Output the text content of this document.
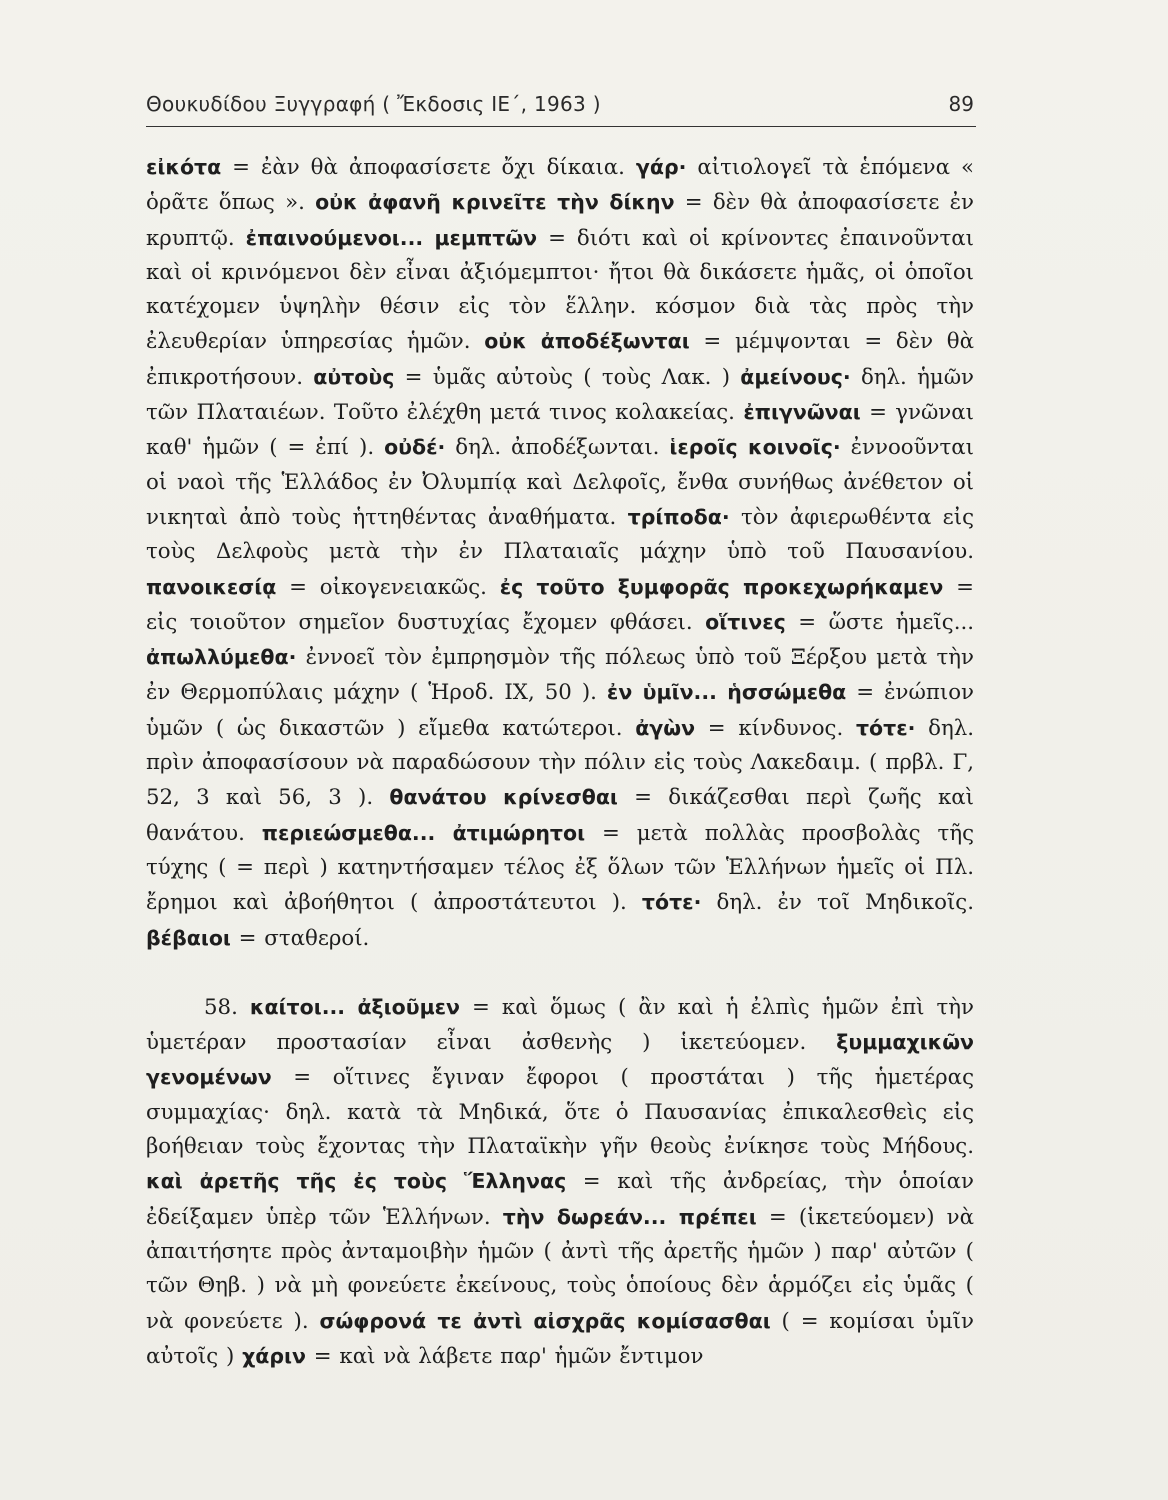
Θουκυδίδου Ξυγγραφή ( Ἔκδοσις ΙΕ΄, 1963 )	89

εἰκότα = ἐὰν θὰ ἀποφασίσετε ὄχι δίκαια. γάρ· αἰτιολογεῖ τὰ ἑπόμενα « ὁρᾶτε ὅπως ». οὐκ ἀφανῆ κρινεῖτε τὴν δίκην = δὲν θὰ ἀποφασίσετε ἐν κρυπτῷ. ἐπαινούμενοι... μεμπτῶν = διότι καὶ οἱ κρίνοντες ἐπαινοῦνται καὶ οἱ κρινόμενοι δὲν εἶναι ἀξιόμεμπτοι· ἤτοι θὰ δικάσετε ἡμᾶς, οἱ ὁποῖοι κατέχομεν ὑψηλὴν θέσιν εἰς τὸν ἕλλην. κόσμον διὰ τὰς πρὸς τὴν ἐλευθερίαν ὑπηρεσίας ἡμῶν. οὐκ ἀποδέξωνται = μέμψονται = δὲν θὰ ἐπικροτήσουν. αὐτοὺς = ὑμᾶς αὐτοὺς ( τοὺς Λακ. ) ἀμείνους· δηλ. ἡμῶν τῶν Πλαταιέων. Τοῦτο ἐλέχθη μετά τινος κολακείας. ἐπιγνῶναι = γνῶναι καθ' ἡμῶν ( = ἐπί ). οὐδέ· δηλ. ἀποδέξωνται. ἱεροῖς κοινοῖς· ἐννοοῦνται οἱ ναοὶ τῆς Ἑλλάδος ἐν Ὀλυμπίᾳ καὶ Δελφοῖς, ἔνθα συνήθως ἀνέθετον οἱ νικηταὶ ἀπὸ τοὺς ἡττηθέντας ἀναθήματα. τρίποδα· τὸν ἀφιερωθέντα εἰς τοὺς Δελφοὺς μετὰ τὴν ἐν Πλαταιαῖς μάχην ὑπὸ τοῦ Παυσανίου. πανοικεσίᾳ = οἰκογενειακῶς. ἐς τοῦτο ξυμφορᾶς προκεχωρήκαμεν = εἰς τοιοῦτον σημεῖον δυστυχίας ἔχομεν φθάσει. οἵτινες = ὥστε ἡμεῖς... ἀπωλλύμεθα· ἐννοεῖ τὸν ἐμπρησμὸν τῆς πόλεως ὑπὸ τοῦ Ξέρξου μετὰ τὴν ἐν Θερμοπύλαις μάχην ( Ἡροδ. IX, 50 ). ἐν ὑμῖν... ἡσσώμεθα = ἐνώπιον ὑμῶν ( ὡς δικαστῶν ) εἴμεθα κατώτεροι. ἀγὼν = κίνδυνος. τότε· δηλ. πρὶν ἀποφασίσουν νὰ παραδώσουν τὴν πόλιν εἰς τοὺς Λακεδαιμ. ( πρβλ. Γ, 52, 3 καὶ 56, 3 ). θανάτου κρίνεσθαι = δικάζεσθαι περὶ ζωῆς καὶ θανάτου. περιεώσμεθα... ἀτιμώρητοι = μετὰ πολλὰς προσβολὰς τῆς τύχης ( = περὶ ) κατηντήσαμεν τέλος ἐξ ὅλων τῶν Ἑλλήνων ἡμεῖς οἱ Πλ. ἔρημοι καὶ ἀβοήθητοι ( ἀπροστάτευτοι ). τότε· δηλ. ἐν τοῖ Μηδικοῖς. βέβαιοι = σταθεροί.

58. καίτοι... ἀξιοῦμεν = καὶ ὅμως ( ἂν καὶ ἡ ἐλπὶς ἡμῶν ἐπὶ τὴν ὑμετέραν προστασίαν εἶναι ἀσθενὴς ) ἱκετεύομεν. ξυμμαχικῶν γενομένων = οἵτινες ἔγιναν ἔφοροι ( προστάται ) τῆς ἡμετέρας συμμαχίας· δηλ. κατὰ τὰ Μηδικά, ὅτε ὁ Παυσανίας ἐπικαλεσθεὶς εἰς βοήθειαν τοὺς ἔχοντας τὴν Πλαταϊκὴν γῆν θεοὺς ἐνίκησε τοὺς Μήδους. καὶ ἀρετῆς τῆς ἐς τοὺς Ἕλληνας = καὶ τῆς ἀνδρείας, τὴν ὁποίαν ἐδείξαμεν ὑπὲρ τῶν Ἑλλήνων. τὴν δωρεάν... πρέπει = (ἱκετεύομεν) νὰ ἀπαιτήσητε πρὸς ἀνταμοιβὴν ἡμῶν ( ἀντὶ τῆς ἀρετῆς ἡμῶν ) παρ' αὐτῶν ( τῶν Θηβ. ) νὰ μὴ φονεύετε ἐκείνους, τοὺς ὁποίους δὲν ἁρμόζει εἰς ὑμᾶς ( νὰ φονεύετε ). σώφρονά τε ἀντὶ αἰσχρᾶς κομίσασθαι ( = κομίσαι ὑμῖν αὐτοῖς ) χάριν = καὶ νὰ λάβετε παρ' ἡμῶν ἔντιμον
